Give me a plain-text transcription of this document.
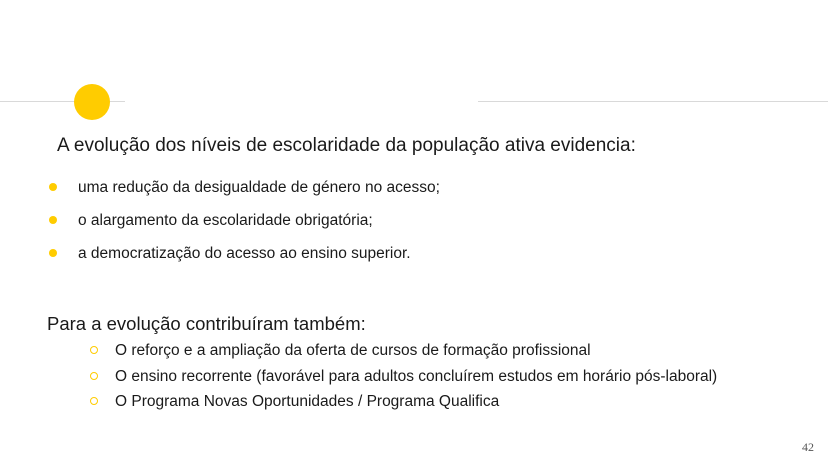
A evolução dos níveis de escolaridade da população ativa evidencia:
uma redução da desigualdade de género no acesso;
o alargamento da escolaridade obrigatória;
a democratização do acesso ao ensino superior.
Para a evolução contribuíram também:
O reforço e a ampliação da oferta de cursos de formação profissional
O ensino recorrente (favorável para adultos concluírem estudos em horário pós-laboral)
O Programa Novas Oportunidades / Programa Qualifica
42
